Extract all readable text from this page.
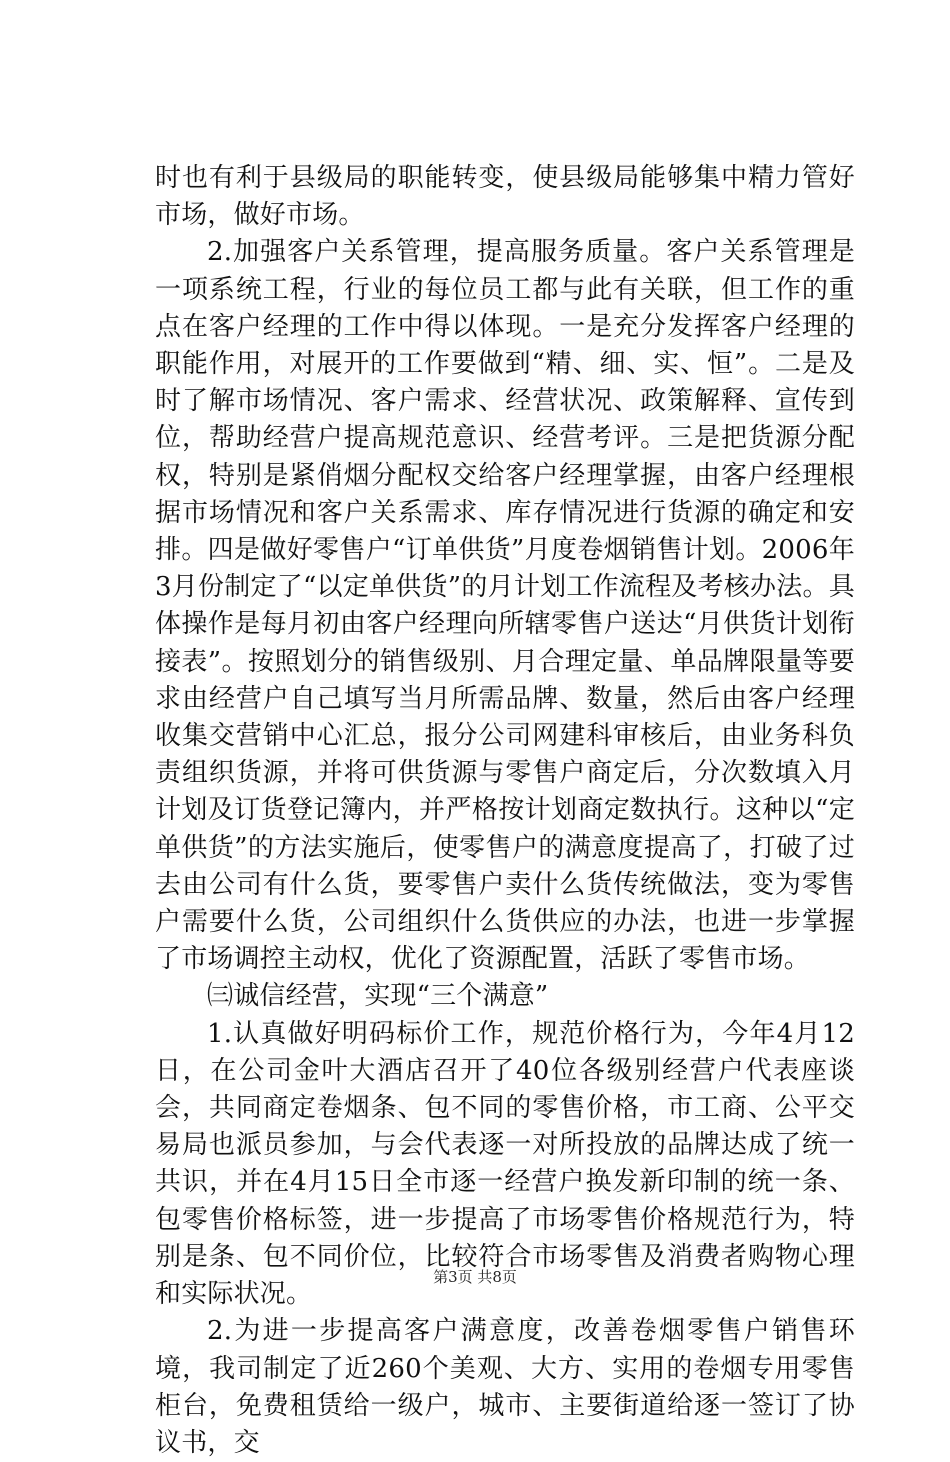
时也有利于县级局的职能转变，使县级局能够集中精力管好市场，做好市场。

2.加强客户关系管理，提高服务质量。客户关系管理是一项系统工程，行业的每位员工都与此有关联，但工作的重点在客户经理的工作中得以体现。一是充分发挥客户经理的职能作用，对展开的工作要做到“精、细、实、恒”。二是及时了解市场情况、客户需求、经营状况、政策解释、宣传到位，帮助经营户提高规范意识、经营考评。三是把货源分配权，特别是紧俏烟分配权交给客户经理掌握，由客户经理根据市场情况和客户关系需求、库存情况进行货源的确定和安排。四是做好零售户“订单供货”月度卷烟销售计划。2006年3月份制定了“以定单供货”的月计划工作流程及考核办法。具体操作是每月初由客户经理向所辖零售户送达“月供货计划衔接表”。按照划分的销售级别、月合理定量、单品牌限量等要求由经营户自己填写当月所需品牌、数量，然后由客户经理收集交营销中心汇总，报分公司网建科审核后，由业务科负责组织货源，并将可供货源与零售户商定后，分次数填入月计划及订货登记簿内，并严格按计划商定数执行。这种以“定单供货”的方法实施后，使零售户的满意度提高了，打破了过去由公司有什么货，要零售户卖什么货传统做法，变为零售户需要什么货，公司组织什么货供应的办法，也进一步掌握了市场调控主动权，优化了资源配置，活跃了零售市场。

㈢诚信经营，实现“三个满意”

1.认真做好明码标价工作，规范价格行为，今年4月12日，在公司金叶大酒店召开了40位各级别经营户代表座谈会，共同商定卷烟条、包不同的零售价格，市工商、公平交易局也派员参加，与会代表逐一对所投放的品牌达成了统一共识，并在4月15日全市逐一经营户换发新印制的统一条、包零售价格标签，进一步提高了市场零售价格规范行为，特别是条、包不同价位，比较符合市场零售及消费者购物心理和实际状况。

2.为进一步提高客户满意度，改善卷烟零售户销售环境，我司制定了近260个美观、大方、实用的卷烟专用零售柜台，免费租赁给一级户，城市、主要街道给逐一签订了协议书，交

第3页 共8页
